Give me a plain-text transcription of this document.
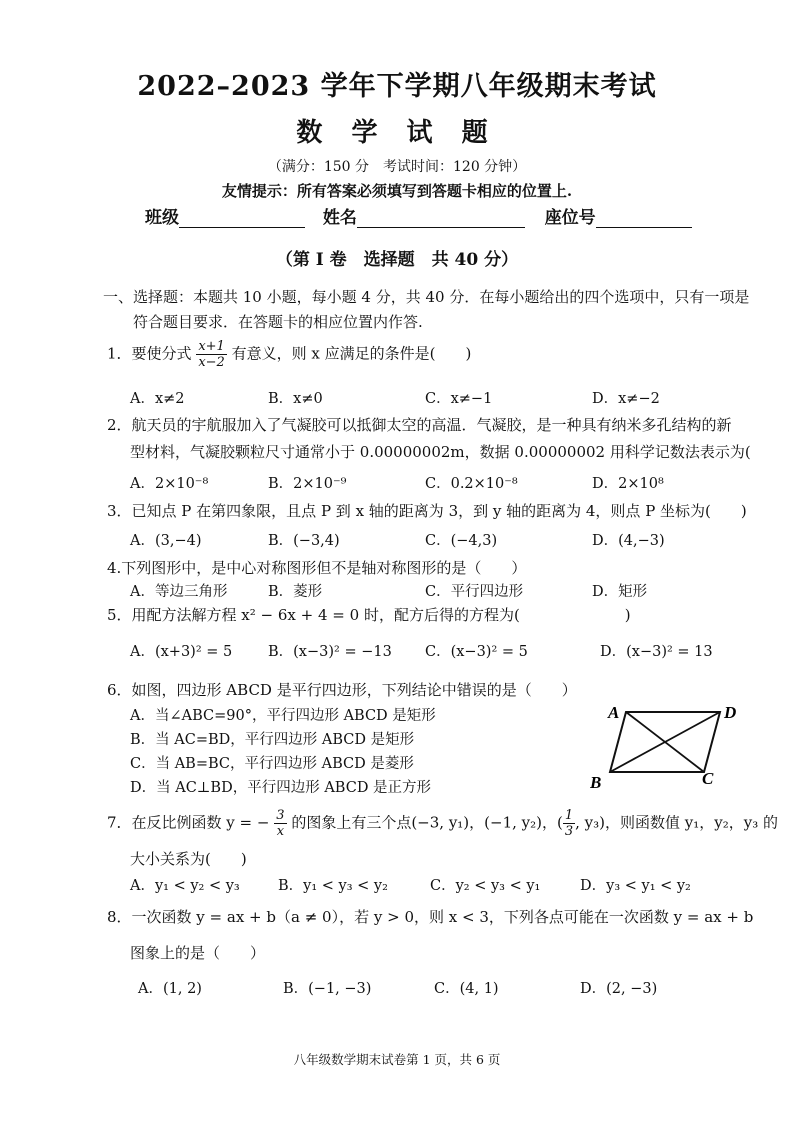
2022–2023 学年下学期八年级期末考试
数 学 试 题
（满分：150 分　考试时间：120 分钟）
友情提示：所有答案必须填写到答题卡相应的位置上.
班级	姓名	座位号
（第 I 卷　选择题　共 40 分）
一、选择题：本题共 10 小题，每小题 4 分，共 40 分．在每小题给出的四个选项中，只有一项是
符合题目要求．在答题卡的相应位置内作答.
1．要使分式 $\frac{x+1}{x-2}$ 有意义，则 x 应满足的条件是(　　)
A．x≠2	B．x≠0	C．x≠−1	D．x≠−2
2．航天员的宇航服加入了气凝胶可以抵御太空的高温．气凝胶，是一种具有纳米多孔结构的新
型材料，气凝胶颗粒尺寸通常小于 0.00000002m，数据 0.00000002 用科学记数法表示为(
A．2×10⁻⁸	B．2×10⁻⁹	C．0.2×10⁻⁸	D．2×10⁸
3．已知点 P 在第四象限，且点 P 到 x 轴的距离为 3，到 y 轴的距离为 4，则点 P 坐标为(　　)
A．(3,−4)	B．(−3,4)	C．(−4,3)	D．(4,−3)
4.下列图形中，是中心对称图形但不是轴对称图形的是（　　）
A．等边三角形	B．菱形	C．平行四边形	D．矩形
5．用配方法解方程 x² − 6x + 4 = 0 时，配方后得的方程为(　　　　　　　)
A．(x+3)² = 5 B．(x−3)² = −13 C．(x−3)² = 5	D．(x−3)² = 13
6．如图，四边形 ABCD 是平行四边形，下列结论中错误的是（　　）
A．当∠ABC=90°，平行四边形 ABCD 是矩形
B．当 AC=BD，平行四边形 ABCD 是矩形
C．当 AB=BC，平行四边形 ABCD 是菱形
D．当 AC⊥BD，平行四边形 ABCD 是正方形
A	D
B	C
7．在反比例函数 y = − $\frac{3}{x}$ 的图象上有三个点(−3, y₁)，(−1, y₂)，( $\frac{1}{3}$ , y₃)，则函数值 y₁，y₂，y₃ 的
大小关系为(　　)
A．y₁ < y₂ < y₃	B．y₁ < y₃ < y₂	C．y₂ < y₃ < y₁	D．y₃ < y₁ < y₂
8．一次函数 y = ax + b（a ≠ 0），若 y > 0，则 x < 3，下列各点可能在一次函数 y = ax + b
图象上的是（　　）
A．(1, 2)	B．(−1, −3)	C．(4, 1)	D．(2, −3)
八年级数学期末试卷第 1 页，共 6 页
